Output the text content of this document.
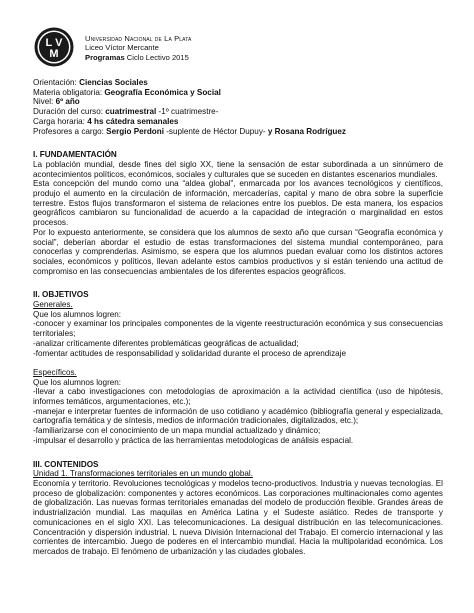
L V
M
Universidad Nacional de La Plata
Liceo Víctor Mercante
Programas Ciclo Lectivo 2015

Orientación: Ciencias Sociales

Materia obligatoria: Geografía Económica y Social

Nivel: 6º año

Duración del curso: cuatrimestral -1º cuatrimestre-

Carga horaria: 4 hs cátedra semanales

Profesores a cargo: Sergio Perdoni -suplente de Héctor Dupuy- y Rosana Rodríguez

I. FUNDAMENTACIÓN

La población mundial, desde fines del siglo XX, tiene la sensación de estar subordinada a un sinnúmero de acontecimientos políticos, económicos, sociales y culturales que se suceden en distantes escenarios mundiales.

Esta concepción del mundo como una “aldea global”, enmarcada por los avances tecnológicos y científicos, produjo el aumento en la circulación de información, mercaderías, capital y mano de obra sobre la superficie terrestre. Estos flujos transformaron el sistema de relaciones entre los pueblos. De esta manera, los espacios geográficos cambiaron su funcionalidad de acuerdo a la capacidad de integración o marginalidad en estos procesos.

Por lo expuesto anteriormente, se considera que los alumnos de sexto año que cursan “Geografía económica y social”, deberían abordar el estudio de estas transformaciones del sistema mundial contemporáneo, para conocerlas y comprenderlas. Asimismo, se espera que los alumnos puedan evaluar como los distintos actores sociales, económicos y políticos, llevan adelante estos cambios productivos y si están teniendo una actitud de compromiso en las consecuencias ambientales de los diferentes espacios geográficos.

II. OBJETIVOS

Generales.

Que los alumnos logren:

-conocer y examinar los principales componentes de la vigente reestructuración económica y sus consecuencias territoriales;

-analizar críticamente diferentes problemáticas geográficas de actualidad;

-fomentar actitudes de responsabilidad y solidaridad durante el proceso de aprendizaje

Específicos.

Que los alumnos logren:

-llevar a cabo investigaciones con metodologías de aproximación a la actividad científica (uso de hipótesis, informes temáticos, argumentaciones, etc.);

-manejar e interpretar fuentes de información de uso cotidiano y académico (bibliografía general y especializada, cartografía temática y de síntesis, medios de información tradicionales, digitalizados, etc.);

-familiarizarse con el conocimiento de un mapa mundial actualizado y dinámico;

-impulsar el desarrollo y práctica de las herramientas metodologicas de análisis espacial.

III. CONTENIDOS

Unidad 1. Transformaciones territoriales en un mundo global.

Economía y territorio. Revoluciones tecnológicas y modelos tecno-productivos. Industria y nuevas tecnologías. El proceso de globalización: componentes y actores económicos. Las corporaciones multinacionales como agentes de globalización. Las nuevas formas territoriales emanadas del modelo de producción flexible. Grandes áreas de industrialización mundial. Las maquilas en América Latina y el Sudeste asiático. Redes de transporte y comunicaciones en el siglo XXI. Las telecomunicaciones. La desigual distribución en las telecomunicaciones. Concentración y dispersión industrial. L nueva División Internacional del Trabajo. El comercio internacional y las corrientes de intercambio. Juego de poderes en el intercambio mundial. Hacia la multipolaridad económica. Los mercados de trabajo. El fenómeno de urbanización y las ciudades globales.
